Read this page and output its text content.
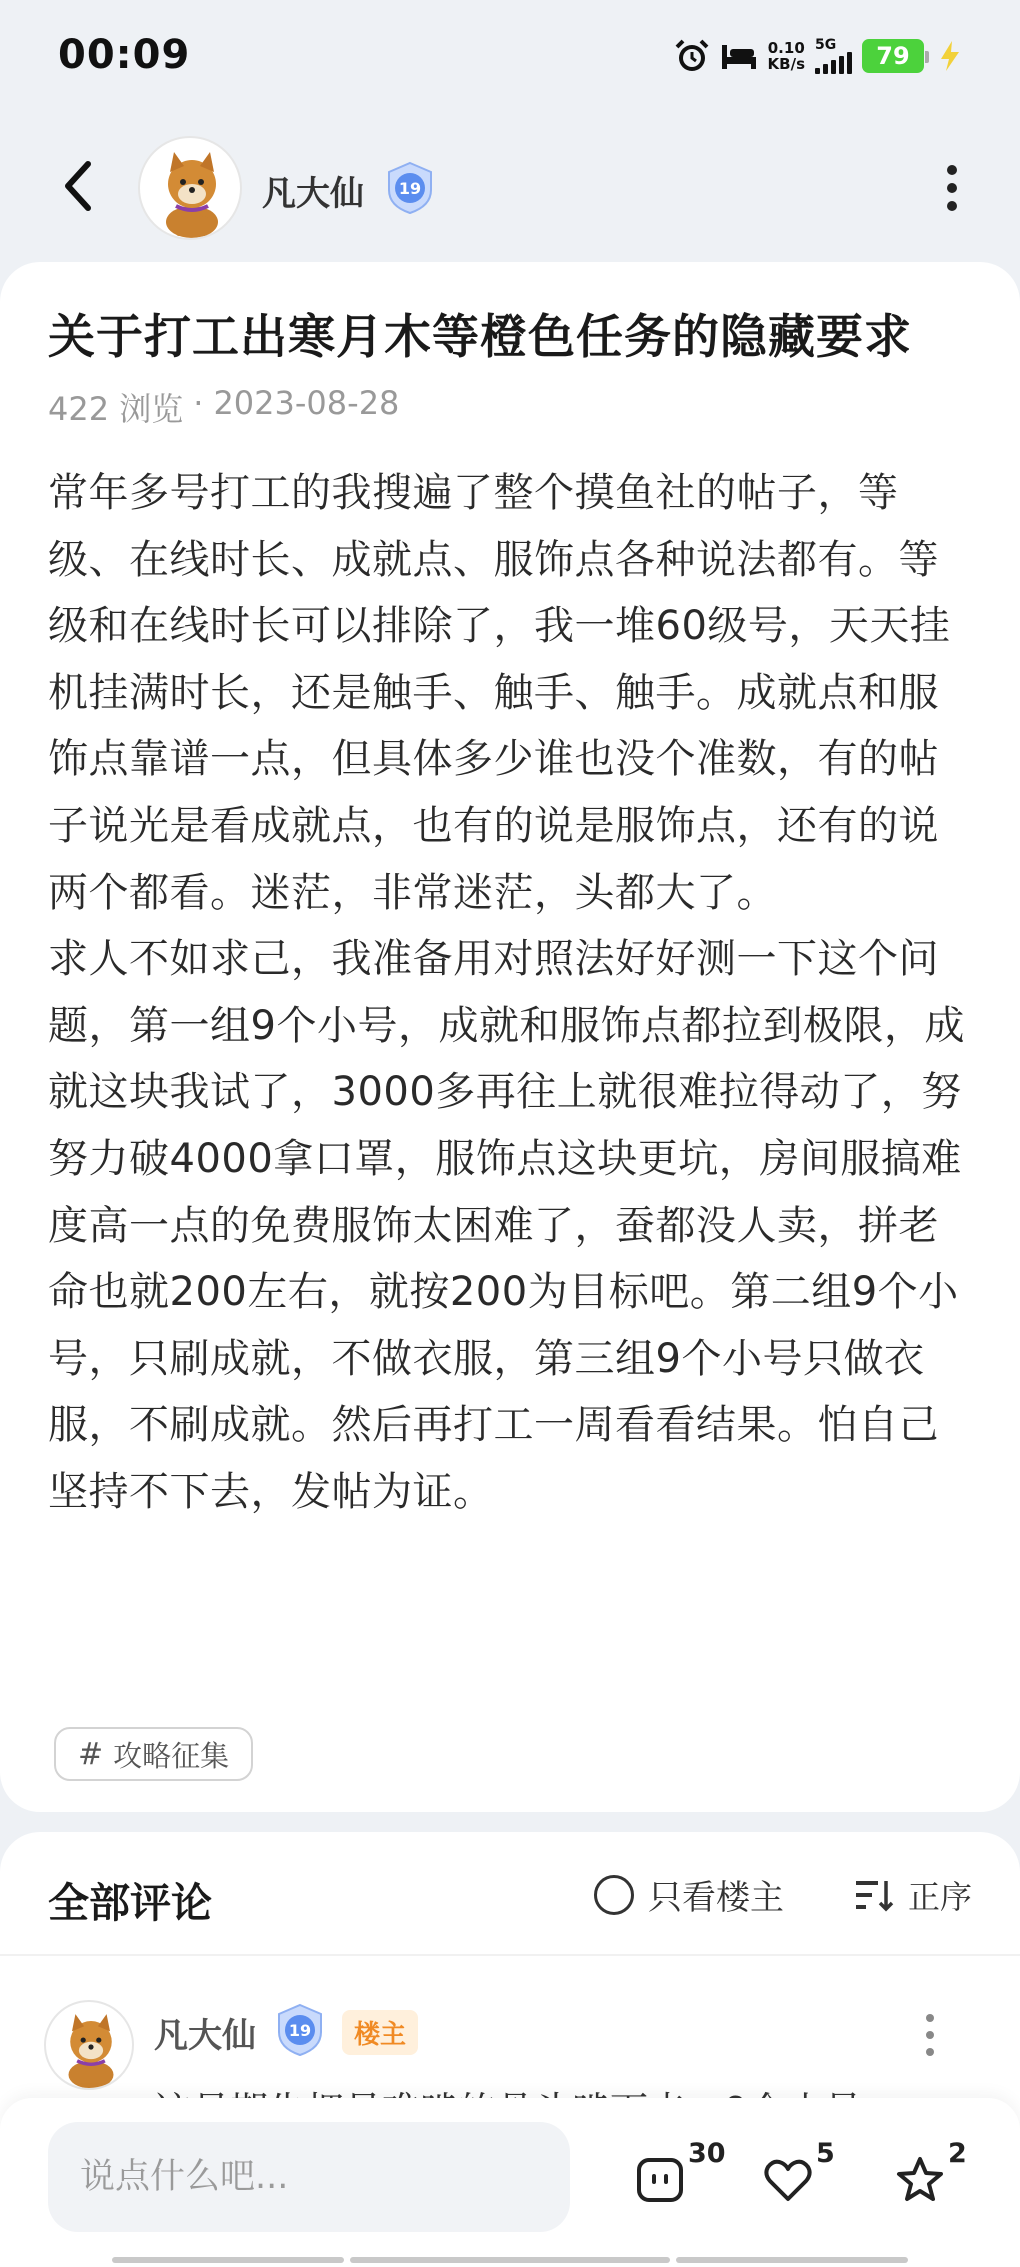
00:09	0.10
KB/s
5G 79
凡大仙 19
关于打工出寒月木等橙色任务的隐藏要求
422 浏览 · 2023-08-28

常年多号打工的我搜遍了整个摸鱼社的帖子，等级、在线时长、成就点、服饰点各种说法都有。等级和在线时长可以排除了，我一堆60级号，天天挂机挂满时长，还是触手、触手、触手。成就点和服饰点靠谱一点，但具体多少谁也没个准数，有的帖子说光是看成就点，也有的说是服饰点，还有的说两个都看。迷茫，非常迷茫，头都大了。

求人不如求己，我准备用对照法好好测一下这个问题，第一组9个小号，成就和服饰点都拉到极限，成就这块我试了，3000多再往上就很难拉得动了，努努力破4000拿口罩，服饰点这块更坑，房间服搞难度高一点的免费服饰太困难了，蚕都没人卖，拼老命也就200左右，就按200为目标吧。第二组9个小号，只刷成就，不做衣服，第三组9个小号只做衣服，不刷成就。然后再打工一周看看结果。怕自己坚持不下去，发帖为证。

# 攻略征集
全部评论	只看楼主	正序
凡大仙 19	楼主
说点什么吧...
30	5	2
